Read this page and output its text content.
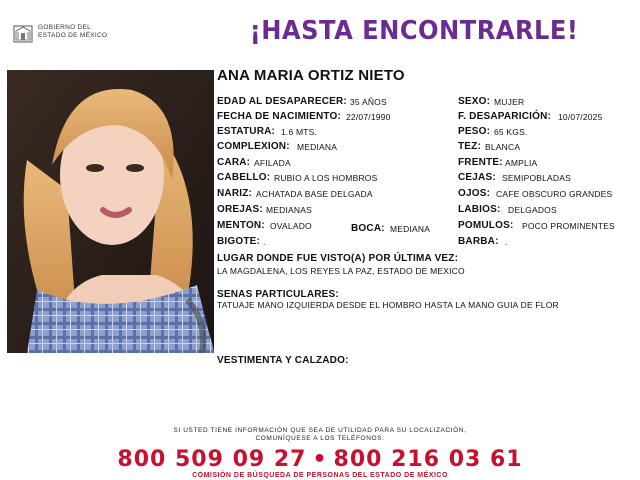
GOBIERNO DEL
ESTADO DE MÉXICO	¡HASTA ENCONTRARLE!
ANA MARIA ORTIZ NIETO
EDAD AL DESAPARECER: 35 AÑOS
FECHA DE NACIMIENTO: 22/07/1990
ESTATURA: 1.6 MTS.
COMPLEXION: MEDIANA
CARA: AFILADA
CABELLO: RUBIO A LOS HOMBROS
NARIZ: ACHATADA BASE DELGADA
OREJAS: MEDIANAS
MENTON: OVALADO	BOCA: MEDIANA
BIGOTE: .
SEXO: MUJER
F. DESAPARICIÓN: 10/07/2025
PESO: 65 KGS.
TEZ: BLANCA
FRENTE: AMPLIA
CEJAS: SEMIPOBLADAS
OJOS: CAFE OBSCURO GRANDES
LABIOS: DELGADOS
POMULOS: POCO PROMINENTES
BARBA: .
LUGAR DONDE FUE VISTO(A) POR ÚLTIMA VEZ:
LA MAGDALENA, LOS REYES LA PAZ, ESTADO DE MEXICO
SENAS PARTICULARES:
TATUAJE MANO IZQUIERDA DESDE EL HOMBRO HASTA LA MANO GUIA DE FLOR
VESTIMENTA Y CALZADO:
SI USTED TIENE INFORMACIÓN QUE SEA DE UTILIDAD PARA SU LOCALIZACIÓN,
COMUNÍQUESE A LOS TELÉFONOS:
800 509 09 27 • 800 216 03 61
COMISIÓN DE BÚSQUEDA DE PERSONAS DEL ESTADO DE MÉXICO
